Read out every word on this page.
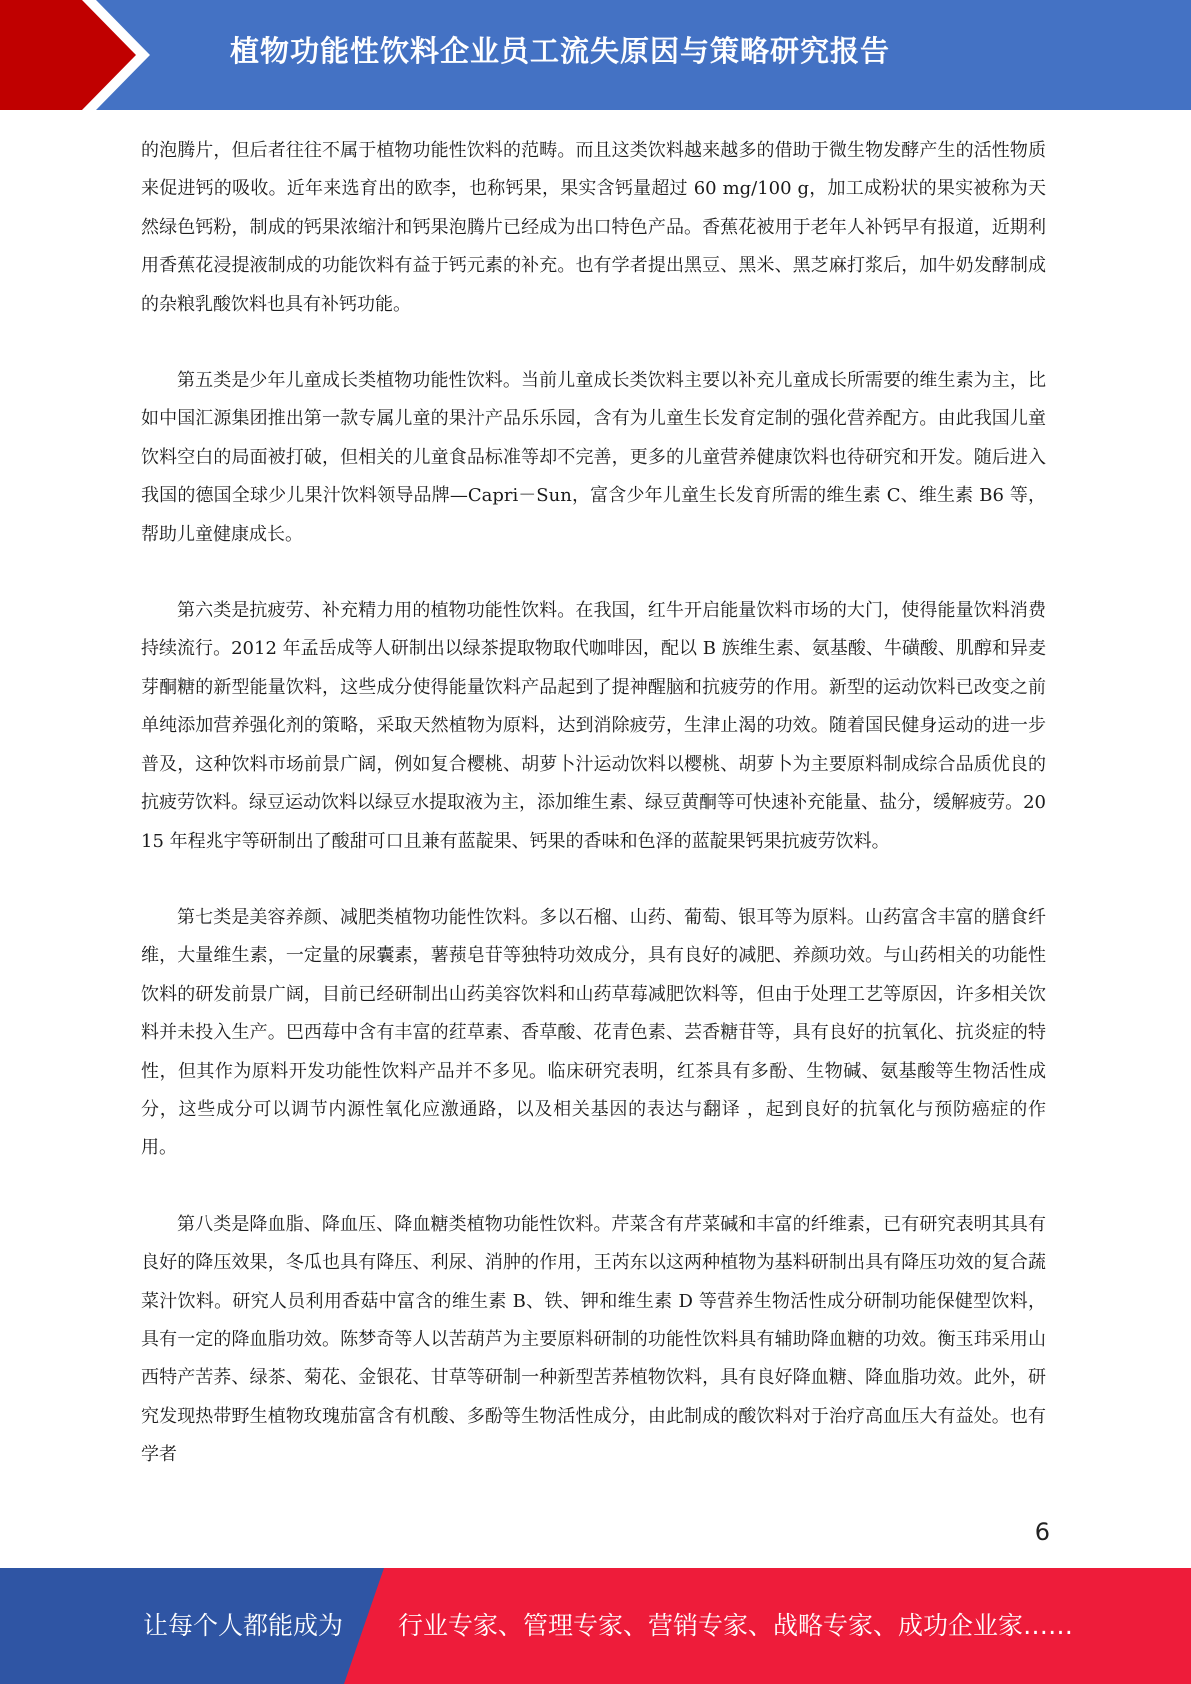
植物功能性饮料企业员工流失原因与策略研究报告

的泡腾片，但后者往往不属于植物功能性饮料的范畴。而且这类饮料越来越多的借助于微生物发酵产生的活性物质来促进钙的吸收。近年来选育出的欧李，也称钙果，果实含钙量超过 60 mg/100 g，加工成粉状的果实被称为天然绿色钙粉，制成的钙果浓缩汁和钙果泡腾片已经成为出口特色产品。香蕉花被用于老年人补钙早有报道，近期利用香蕉花浸提液制成的功能饮料有益于钙元素的补充。也有学者提出黑豆、黑米、黑芝麻打浆后，加牛奶发酵制成的杂粮乳酸饮料也具有补钙功能。

第五类是少年儿童成长类植物功能性饮料。当前儿童成长类饮料主要以补充儿童成长所需要的维生素为主，比如中国汇源集团推出第一款专属儿童的果汁产品乐乐园，含有为儿童生长发育定制的强化营养配方。由此我国儿童饮料空白的局面被打破，但相关的儿童食品标准等却不完善，更多的儿童营养健康饮料也待研究和开发。随后进入我国的德国全球少儿果汁饮料领导品牌—Capri－Sun，富含少年儿童生长发育所需的维生素 C、维生素 B6 等，帮助儿童健康成长。

第六类是抗疲劳、补充精力用的植物功能性饮料。在我国，红牛开启能量饮料市场的大门，使得能量饮料消费持续流行。2012 年孟岳成等人研制出以绿茶提取物取代咖啡因，配以 B 族维生素、氨基酸、牛磺酸、肌醇和异麦芽酮糖的新型能量饮料，这些成分使得能量饮料产品起到了提神醒脑和抗疲劳的作用。新型的运动饮料已改变之前单纯添加营养强化剂的策略，采取天然植物为原料，达到消除疲劳，生津止渴的功效。随着国民健身运动的进一步普及，这种饮料市场前景广阔，例如复合樱桃、胡萝卜汁运动饮料以樱桃、胡萝卜为主要原料制成综合品质优良的抗疲劳饮料。绿豆运动饮料以绿豆水提取液为主，添加维生素、绿豆黄酮等可快速补充能量、盐分，缓解疲劳。2015 年程兆宇等研制出了酸甜可口且兼有蓝靛果、钙果的香味和色泽的蓝靛果钙果抗疲劳饮料。

第七类是美容养颜、减肥类植物功能性饮料。多以石榴、山药、葡萄、银耳等为原料。山药富含丰富的膳食纤维，大量维生素，一定量的尿囊素，薯蓣皂苷等独特功效成分，具有良好的减肥、养颜功效。与山药相关的功能性饮料的研发前景广阔，目前已经研制出山药美容饮料和山药草莓减肥饮料等，但由于处理工艺等原因，许多相关饮料并未投入生产。巴西莓中含有丰富的荭草素、香草酸、花青色素、芸香糖苷等，具有良好的抗氧化、抗炎症的特性，但其作为原料开发功能性饮料产品并不多见。临床研究表明，红茶具有多酚、生物碱、氨基酸等生物活性成分，这些成分可以调节内源性氧化应激通路，以及相关基因的表达与翻译 ，起到良好的抗氧化与预防癌症的作用。

第八类是降血脂、降血压、降血糖类植物功能性饮料。芹菜含有芹菜碱和丰富的纤维素，已有研究表明其具有良好的降压效果，冬瓜也具有降压、利尿、消肿的作用，王芮东以这两种植物为基料研制出具有降压功效的复合蔬菜汁饮料。研究人员利用香菇中富含的维生素 B、铁、钾和维生素 D 等营养生物活性成分研制功能保健型饮料，具有一定的降血脂功效。陈梦奇等人以苦葫芦为主要原料研制的功能性饮料具有辅助降血糖的功效。衡玉玮采用山西特产苦荞、绿茶、菊花、金银花、甘草等研制一种新型苦荞植物饮料，具有良好降血糖、降血脂功效。此外，研究发现热带野生植物玫瑰茄富含有机酸、多酚等生物活性成分，由此制成的酸饮料对于治疗高血压大有益处。也有学者

6
让每个人都能成为 行业专家、管理专家、营销专家、战略专家、成功企业家……
